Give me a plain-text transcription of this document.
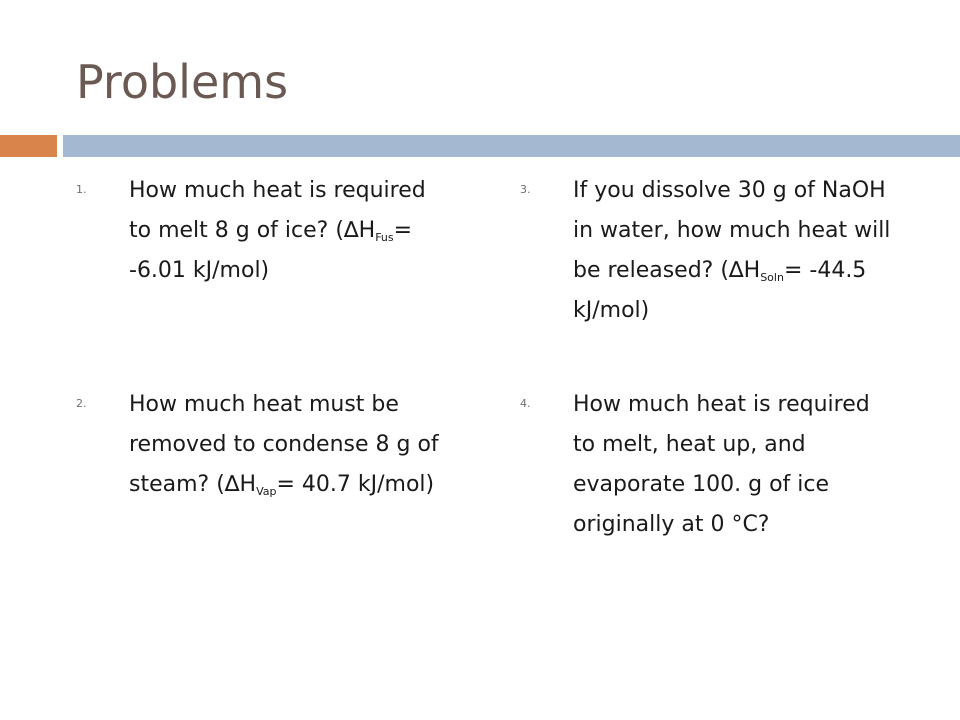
Problems
1. How much heat is required to melt 8 g of ice? ($\Delta H_{Fus}= -6.01$ kJ/mol)

2. How much heat must be removed to condense 8 g of steam? ($\Delta H_{Vap}= 40.7$ kJ/mol)

3. If you dissolve 30 g of NaOH in water, how much heat will be released? ($\Delta H_{Soln}= -44.5$ kJ/mol)

4. How much heat is required to melt, heat up, and evaporate 100. g of ice originally at 0 °C?
